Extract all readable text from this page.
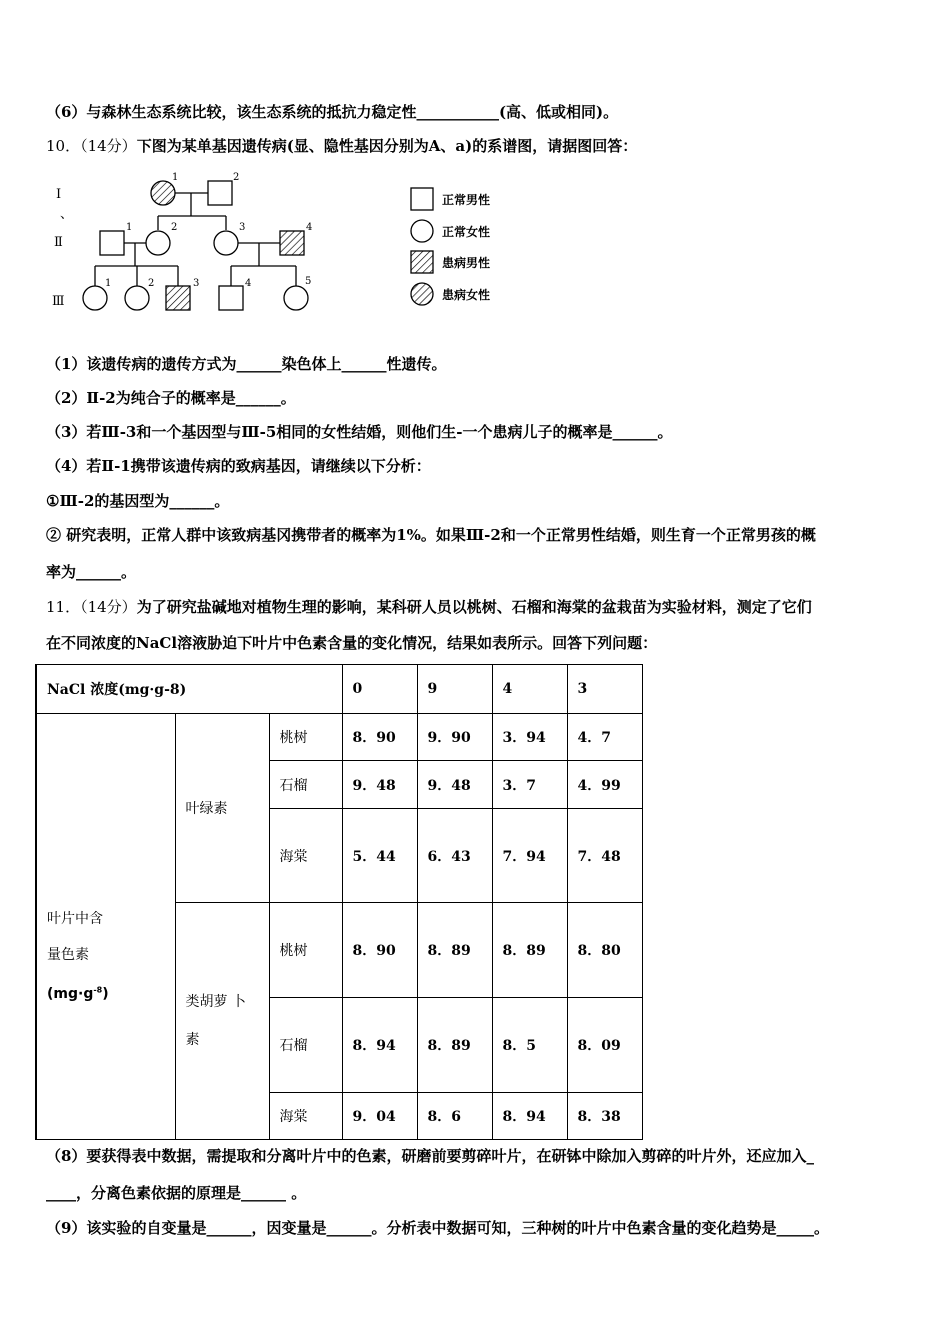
（6）与森林生态系统比较，该生态系统的抵抗力稳定性___________(高、低或相同)。
10．（14分）下图为某单基因遗传病(显、隐性基因分别为A、a)的系谱图，请据图回答：
Ⅰ
、
Ⅱ
Ⅲ
1	2
1	2	3	4
1	2	3	4	5
正常男性
正常女性
患病男性
患病女性
（1）该遗传病的遗传方式为______染色体上______性遗传。
（2）Ⅱ-2为纯合子的概率是______。
（3）若Ⅲ-3和一个基因型与Ⅲ-5相同的女性结婚，则他们生-一个患病儿子的概率是______。
（4）若Ⅱ-1携带该遗传病的致病基因，请继续以下分析：
①Ⅲ-2的基因型为______。
② 研究表明，正常人群中该致病基冈携带者的概率为1%。如果Ⅲ-2和一个正常男性结婚，则生育一个正常男孩的概
率为______。
11．（14分）为了研究盐碱地对植物生理的影响，某科研人员以桃树、石榴和海棠的盆栽苗为实验材料，测定了它们
在不同浓度的NaCl溶液胁迫下叶片中色素含量的变化情况，结果如表所示。回答下列问题：
NaCl 浓度(mg·g-8)			0	9	4	3
叶片中含
量色素
$(mg\cdot g^{-8})$	叶绿素	桃树	8．90	9．90	3．94	4．7
		石榴	9．48	9．48	3．7	4．99
		海棠	5．44	6．43	7．94	7．48
	类胡萝 卜
素	桃树	8．90	8．89	8．89	8．80
		石榴	8．94	8．89	8．5	8．09
		海棠	9．04	8．6	8．94	8．38
（8）要获得表中数据，需提取和分离叶片中的色素，研磨前要剪碎叶片，在研钵中除加入剪碎的叶片外，还应加入_
____，分离色素依据的原理是______ 。
（9）该实验的自变量是______，因变量是______。分析表中数据可知，三种树的叶片中色素含量的变化趋势是_____。
